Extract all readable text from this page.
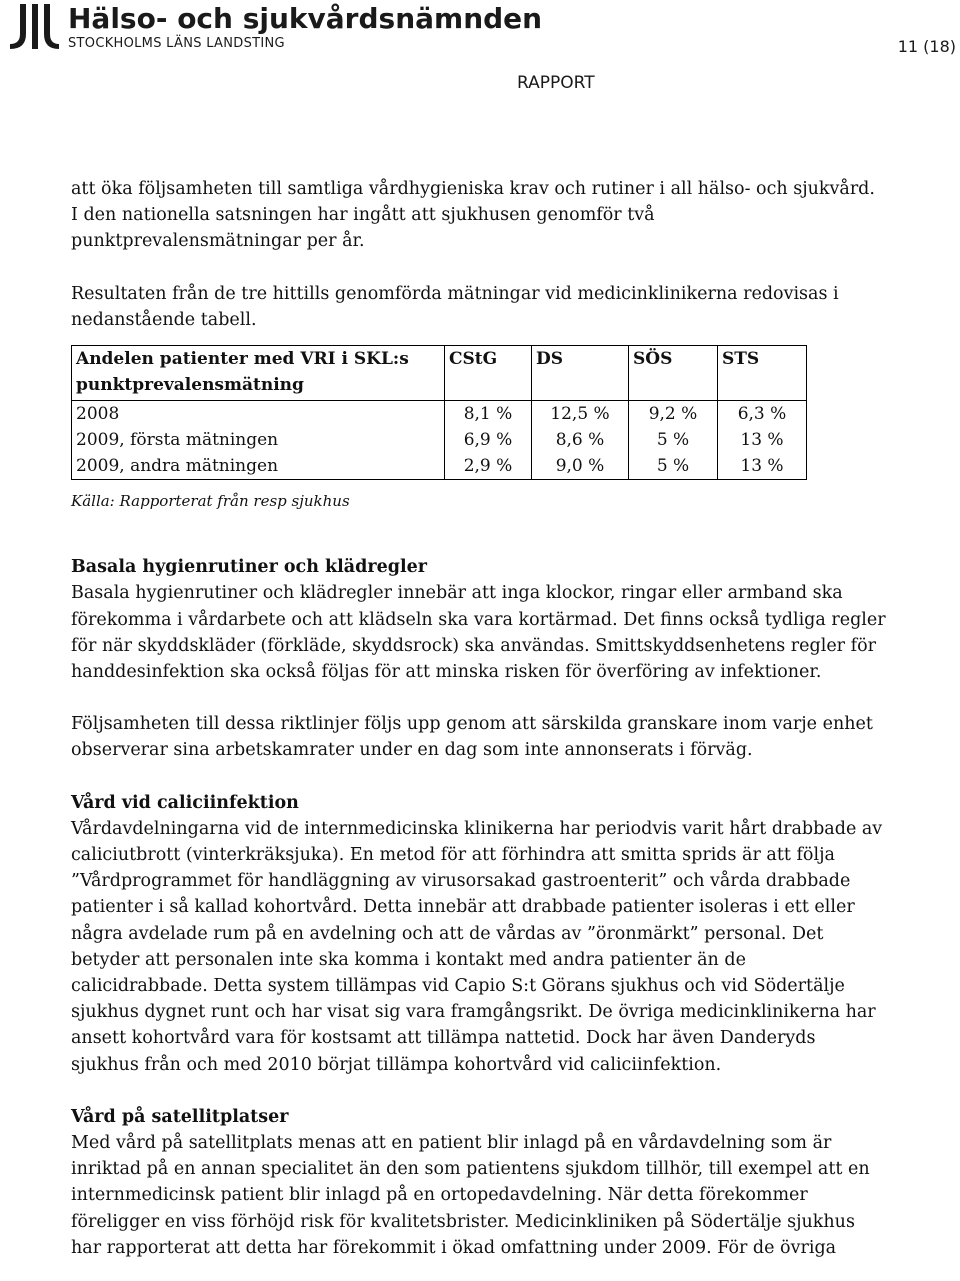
Hälso- och sjukvårdsnämnden
STOCKHOLMS LÄNS LANDSTING	11 (18)
RAPPORT

att öka följsamheten till samtliga vårdhygieniska krav och rutiner i all hälso- och sjukvård. I den nationella satsningen har ingått att sjukhusen genomför två punktprevalensmätningar per år.

Resultaten från de tre hittills genomförda mätningar vid medicinklinikerna redovisas i nedanstående tabell.

Andelen patienter med VRI i SKL:s punktprevalensmätning	CStG	DS	SÖS	STS
2008	8,1 %	12,5 %	9,2 %	6,3 %
2009, första mätningen	6,9 %	8,6 %	5 %	13 %
2009, andra mätningen	2,9 %	9,0 %	5 %	13 %
Källa: Rapporterat från resp sjukhus
Basala hygienrutiner och klädregler

Basala hygienrutiner och klädregler innebär att inga klockor, ringar eller armband ska förekomma i vårdarbete och att klädseln ska vara kortärmad. Det finns också tydliga regler för när skyddskläder (förkläde, skyddsrock) ska användas. Smittskyddsenhetens regler för handdesinfektion ska också följas för att minska risken för överföring av infektioner.

Följsamheten till dessa riktlinjer följs upp genom att särskilda granskare inom varje enhet observerar sina arbetskamrater under en dag som inte annonserats i förväg.

Vård vid caliciinfektion

Vårdavdelningarna vid de internmedicinska klinikerna har periodvis varit hårt drabbade av caliciutbrott (vinterkräksjuka). En metod för att förhindra att smitta sprids är att följa ”Vårdprogrammet för handläggning av virusorsakad gastroenterit” och vårda drabbade patienter i så kallad kohortvård. Detta innebär att drabbade patienter isoleras i ett eller några avdelade rum på en avdelning och att de vårdas av ”öronmärkt” personal. Det betyder att personalen inte ska komma i kontakt med andra patienter än de calicidrabbade. Detta system tillämpas vid Capio S:t Görans sjukhus och vid Södertälje sjukhus dygnet runt och har visat sig vara framgångsrikt. De övriga medicinklinikerna har ansett kohortvård vara för kostsamt att tillämpa nattetid. Dock har även Danderyds sjukhus från och med 2010 börjat tillämpa kohortvård vid caliciinfektion.

Vård på satellitplatser

Med vård på satellitplats menas att en patient blir inlagd på en vårdavdelning som är inriktad på en annan specialitet än den som patientens sjukdom tillhör, till exempel att en internmedicinsk patient blir inlagd på en ortopedavdelning. När detta förekommer föreligger en viss förhöjd risk för kvalitetsbrister. Medicinkliniken på Södertälje sjukhus har rapporterat att detta har förekommit i ökad omfattning under 2009. För de övriga
